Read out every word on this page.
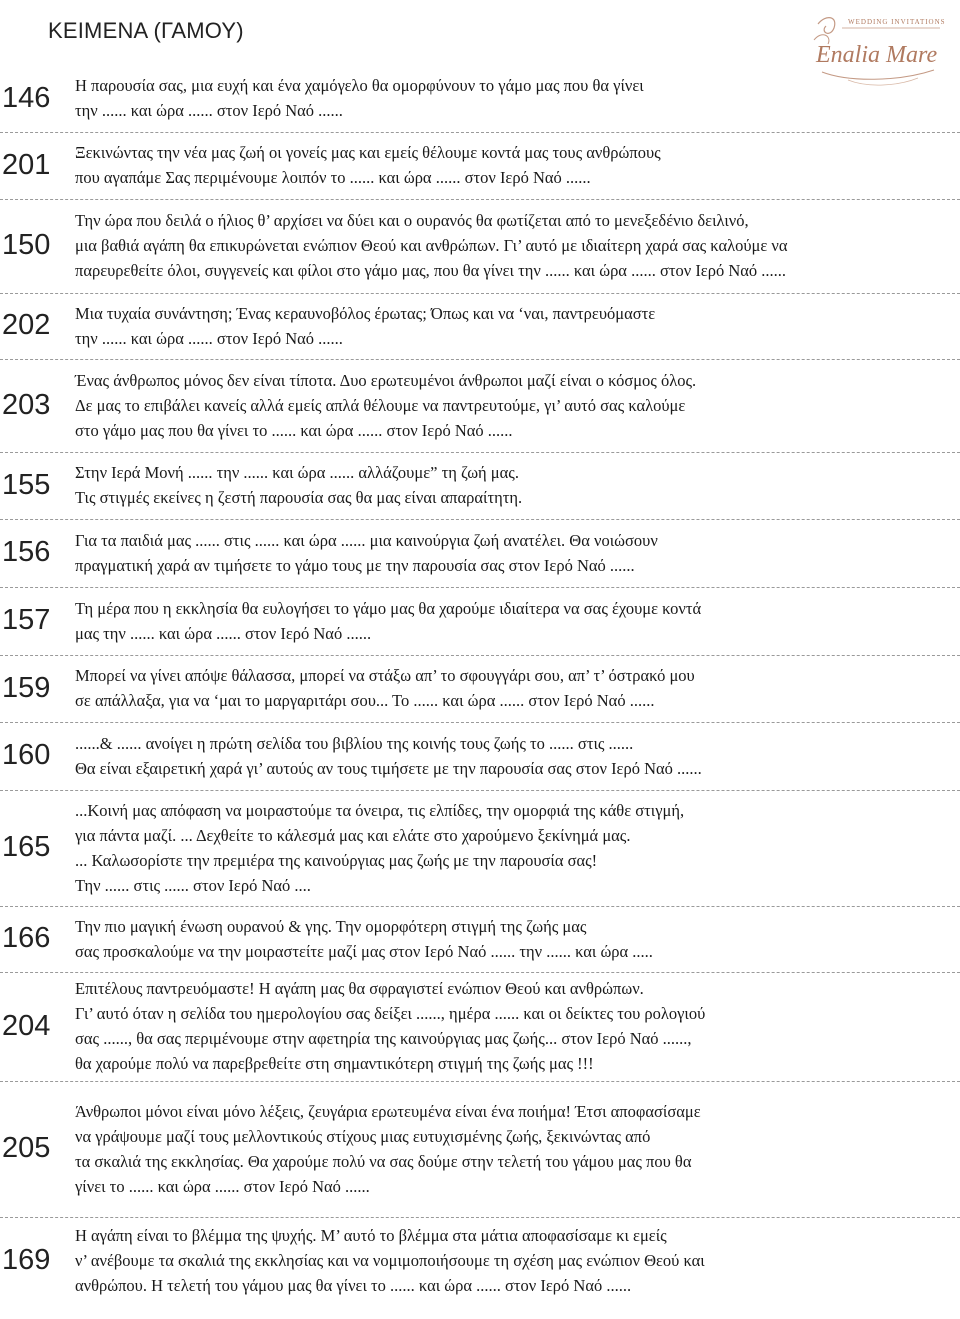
ΚΕΙΜΕΝΑ (ΓΑΜΟΥ)	WEDDING INVITATIONS
Enalia Mare
146	Η παρουσία σας, μια ευχή και ένα χαμόγελο θα ομορφύνουν το γάμο μας που θα γίνει
την ...... και ώρα ...... στον Ιερό Ναό ......
201	Ξεκινώντας την νέα μας ζωή οι γονείς μας και εμείς θέλουμε κοντά μας τους ανθρώπους
που αγαπάμε Σας περιμένουμε λοιπόν το ...... και ώρα ...... στον Ιερό Ναό ......
150
Την ώρα που δειλά ο ήλιος θ’ αρχίσει να δύει και ο ουρανός θα φωτίζεται από το μενεξεδένιο δειλινό,
μια βαθιά αγάπη θα επικυρώνεται ενώπιον Θεού και ανθρώπων. Γι’ αυτό με ιδιαίτερη χαρά σας καλούμε να
παρευρεθείτε όλοι, συγγενείς και φίλοι στο γάμο μας, που θα γίνει την ...... και ώρα ...... στον Ιερό Ναό ......
202	Μια τυχαία συνάντηση; Ένας κεραυνοβόλος έρωτας; Όπως και να ‘ναι, παντρευόμαστε
την ...... και ώρα ...... στον Ιερό Ναό ......
203
Ένας άνθρωπος μόνος δεν είναι τίποτα. Δυο ερωτευμένοι άνθρωποι μαζί είναι ο κόσμος όλος.
Δε μας το επιβάλει κανείς αλλά εμείς απλά θέλουμε να παντρευτούμε, γι’ αυτό σας καλούμε
στο γάμο μας που θα γίνει το ...... και ώρα ...... στον Ιερό Ναό ......
155	Στην Ιερά Μονή ...... την ...... και ώρα ...... αλλάζουμε” τη ζωή μας.
Τις στιγμές εκείνες η ζεστή παρουσία σας θα μας είναι απαραίτητη.
156	Για τα παιδιά μας ...... στις ...... και ώρα ...... μια καινούργια ζωή ανατέλει. Θα νοιώσουν
πραγματική χαρά αν τιμήσετε το γάμο τους με την παρουσία σας στον Ιερό Ναό ......
157	Τη μέρα που η εκκλησία θα ευλογήσει το γάμο μας θα χαρούμε ιδιαίτερα να σας έχουμε κοντά
μας την ...... και ώρα ...... στον Ιερό Ναό ......
159	Μπορεί να γίνει απόψε θάλασσα, μπορεί να στάξω απ’ το σφουγγάρι σου, απ’ τ’ όστρακό μου
σε απάλλαξα, για να ‘μαι το μαργαριτάρι σου... Το ...... και ώρα ...... στον Ιερό Ναό ......
160	......& ...... ανοίγει η πρώτη σελίδα του βιβλίου της κοινής τους ζωής το ...... στις ......
Θα είναι εξαιρετική χαρά γι’ αυτούς αν τους τιμήσετε με την παρουσία σας στον Ιερό Ναό ......
165
...Κοινή μας απόφαση να μοιραστούμε τα όνειρα, τις ελπίδες, την ομορφιά της κάθε στιγμή,
για πάντα μαζί. ... Δεχθείτε το κάλεσμά μας και ελάτε στο χαρούμενο ξεκίνημά μας.
... Καλωσορίστε την πρεμιέρα της καινούργιας μας ζωής με την παρουσία σας!
Την ...... στις ...... στον Ιερό Ναό ....
166	Την πιο μαγική ένωση ουρανού & γης. Την ομορφότερη στιγμή της ζωής μας
σας προσκαλούμε να την μοιραστείτε μαζί μας στον Ιερό Ναό ...... την ...... και ώρα .....
204
Επιτέλους παντρευόμαστε! Η αγάπη μας θα σφραγιστεί ενώπιον Θεού και ανθρώπων.
Γι’ αυτό όταν η σελίδα του ημερολογίου σας δείξει ......, ημέρα ...... και οι δείκτες του ρολογιού
σας ......, θα σας περιμένουμε στην αφετηρία της καινούργιας μας ζωής... στον Ιερό Ναό ......,
θα χαρούμε πολύ να παρεβρεθείτε στη σημαντικότερη στιγμή της ζωής μας !!!
205
Άνθρωποι μόνοι είναι μόνο λέξεις, ζευγάρια ερωτευμένα είναι ένα ποιήμα! Έτσι αποφασίσαμε
να γράψουμε μαζί τους μελλοντικούς στίχους μιας ευτυχισμένης ζωής, ξεκινώντας από
τα σκαλιά της εκκλησίας. Θα χαρούμε πολύ να σας δούμε στην τελετή του γάμου μας που θα
γίνει το ...... και ώρα ...... στον Ιερό Ναό ......
169
Η αγάπη είναι το βλέμμα της ψυχής. Μ’ αυτό το βλέμμα στα μάτια αποφασίσαμε κι εμείς
ν’ ανέβουμε τα σκαλιά της εκκλησίας και να νομιμοποιήσουμε τη σχέση μας ενώπιον Θεού και
ανθρώπου. Η τελετή του γάμου μας θα γίνει το ...... και ώρα ...... στον Ιερό Ναό ......
